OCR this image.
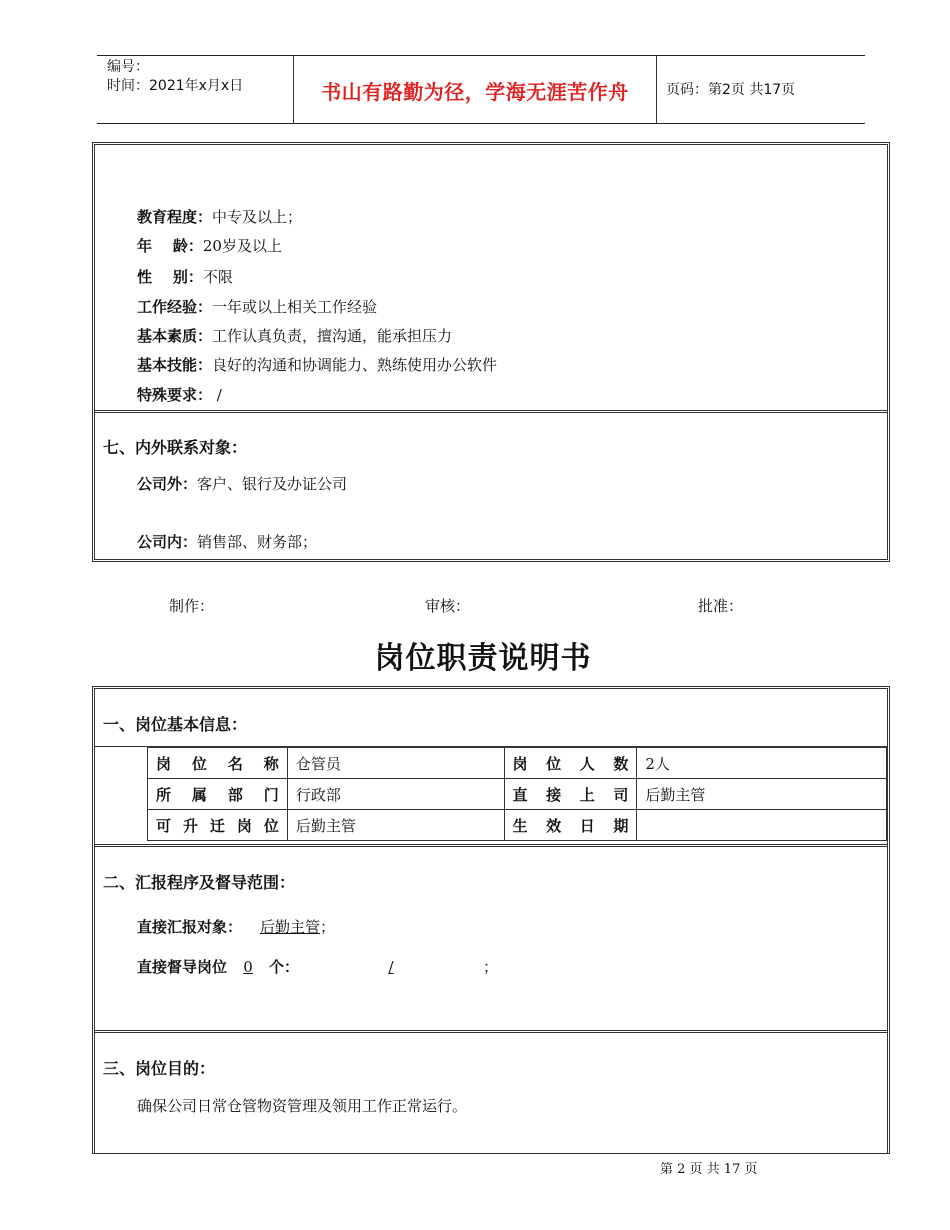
编号：
时间：2021年x月x日	书山有路勤为径，学海无涯苦作舟	页码：第2页 共17页
教育程度：中专及以上；
年    龄：20岁及以上
性    别：不限
工作经验：一年或以上相关工作经验
基本素质：工作认真负责，擅沟通，能承担压力
基本技能：良好的沟通和协调能力、熟练使用办公软件
特殊要求： /
七、内外联系对象：
公司外：客户、银行及办证公司
公司内：销售部、财务部；
制作：	审核：	批准：
岗位职责说明书
一、岗位基本信息：
岗位名称	仓管员	岗位人数	2人
所属部门	行政部	直接上司	后勤主管
可升迁岗位	后勤主管	生效日期	
二、汇报程序及督导范围：
直接汇报对象： 后勤主管；
直接督导岗位 0 个：	/	；
三、岗位目的：
确保公司日常仓管物资管理及领用工作正常运行。
第 2 页 共 17 页
